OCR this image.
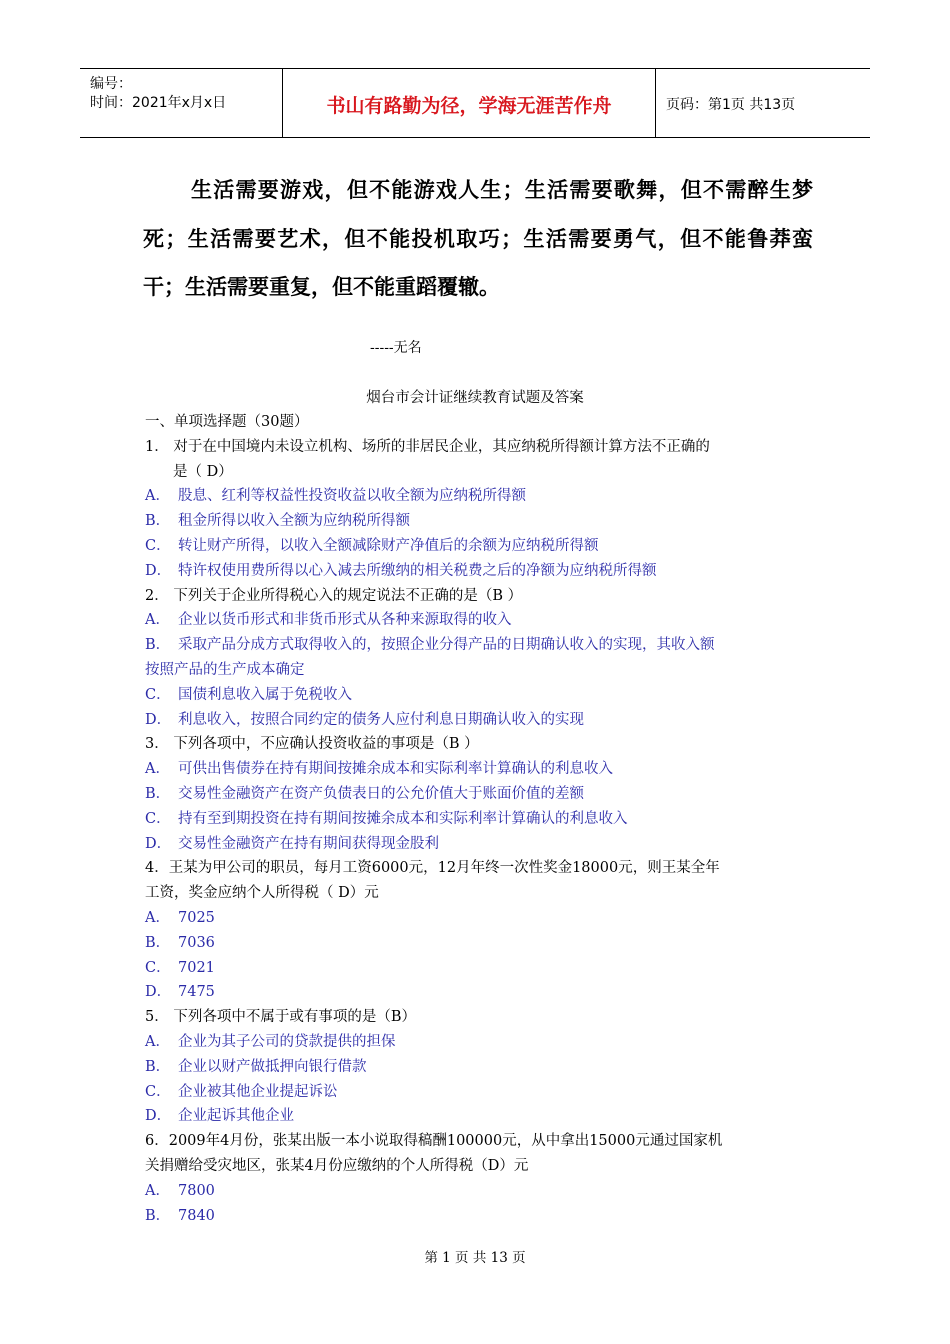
编号：
时间：2021年x月x日	书山有路勤为径，学海无涯苦作舟	页码：第1页 共13页
生活需要游戏，但不能游戏人生；生活需要歌舞，但不需醉生梦死；生活需要艺术，但不能投机取巧；生活需要勇气，但不能鲁莽蛮干；生活需要重复，但不能重蹈覆辙。
-----无名
烟台市会计证继续教育试题及答案
一、单项选择题（30题）
1． 对于在中国境内未设立机构、场所的非居民企业，其应纳税所得额计算方法不正确的
是（ D）
A． 股息、红利等权益性投资收益以收全额为应纳税所得额
B． 租金所得以收入全额为应纳税所得额
C． 转让财产所得，以收入全额减除财产净值后的余额为应纳税所得额
D． 特许权使用费所得以心入减去所缴纳的相关税费之后的净额为应纳税所得额
2． 下列关于企业所得税心入的规定说法不正确的是（B ）
A． 企业以货币形式和非货币形式从各种来源取得的收入
B． 采取产品分成方式取得收入的，按照企业分得产品的日期确认收入的实现，其收入额
按照产品的生产成本确定
C． 国债利息收入属于免税收入
D． 利息收入，按照合同约定的债务人应付利息日期确认收入的实现
3． 下列各项中，不应确认投资收益的事项是（B ）
A． 可供出售债券在持有期间按摊余成本和实际利率计算确认的利息收入
B． 交易性金融资产在资产负债表日的公允价值大于账面价值的差额
C． 持有至到期投资在持有期间按摊余成本和实际利率计算确认的利息收入
D． 交易性金融资产在持有期间获得现金股利
4．王某为甲公司的职员，每月工资6000元，12月年终一次性奖金18000元，则王某全年
工资，奖金应纳个人所得税（ D）元
A． 7025
B． 7036
C． 7021
D． 7475
5． 下列各项中不属于或有事项的是（B）
A． 企业为其子公司的贷款提供的担保
B． 企业以财产做抵押向银行借款
C． 企业被其他企业提起诉讼
D． 企业起诉其他企业
6．2009年4月份，张某出版一本小说取得稿酬100000元，从中拿出15000元通过国家机
关捐赠给受灾地区，张某4月份应缴纳的个人所得税（D）元
A． 7800
B． 7840
第 1 页 共 13 页
